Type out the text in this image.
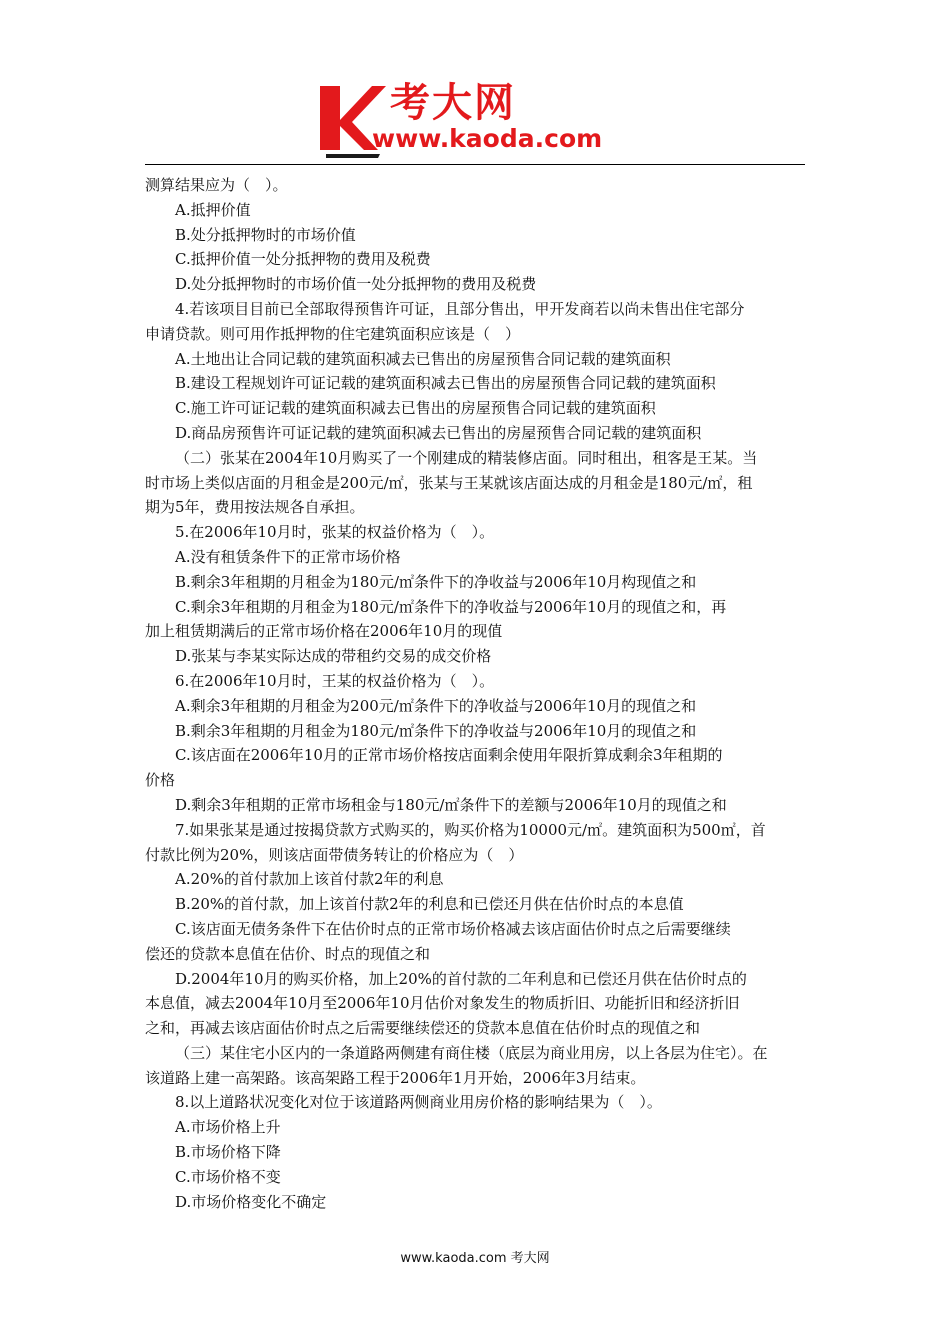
考大网
www.kaoda.com
测算结果应为（　）。
A.抵押价值
B.处分抵押物时的市场价值
C.抵押价值一处分抵押物的费用及税费
D.处分抵押物时的市场价值一处分抵押物的费用及税费
4.若该项目目前已全部取得预售许可证，且部分售出，甲开发商若以尚未售出住宅部分
申请贷款。则可用作抵押物的住宅建筑面积应该是（　）
A.土地出让合同记载的建筑面积减去已售出的房屋预售合同记载的建筑面积
B.建设工程规划许可证记载的建筑面积减去已售出的房屋预售合同记载的建筑面积
C.施工许可证记载的建筑面积减去已售出的房屋预售合同记载的建筑面积
D.商品房预售许可证记载的建筑面积减去已售出的房屋预售合同记载的建筑面积
（二）张某在2004年10月购买了一个刚建成的精装修店面。同时租出，租客是王某。当
时市场上类似店面的月租金是200元/㎡，张某与王某就该店面达成的月租金是180元/㎡，租
期为5年，费用按法规各自承担。
5.在2006年10月时，张某的权益价格为（　）。
A.没有租赁条件下的正常市场价格
B.剩余3年租期的月租金为180元/㎡条件下的净收益与2006年10月构现值之和
C.剩余3年租期的月租金为180元/㎡条件下的净收益与2006年10月的现值之和，再
加上租赁期满后的正常市场价格在2006年10月的现值
D.张某与李某实际达成的带租约交易的成交价格
6.在2006年10月时，王某的权益价格为（　）。
A.剩余3年租期的月租金为200元/㎡条件下的净收益与2006年10月的现值之和
B.剩余3年租期的月租金为180元/㎡条件下的净收益与2006年10月的现值之和
C.该店面在2006年10月的正常市场价格按店面剩余使用年限折算成剩余3年租期的
价格
D.剩余3年租期的正常市场租金与180元/㎡条件下的差额与2006年10月的现值之和
7.如果张某是通过按揭贷款方式购买的，购买价格为10000元/㎡。建筑面积为500㎡，首
付款比例为20%，则该店面带债务转让的价格应为（　）
A.20%的首付款加上该首付款2年的利息
B.20%的首付款，加上该首付款2年的利息和已偿还月供在估价时点的本息值
C.该店面无债务条件下在估价时点的正常市场价格减去该店面估价时点之后需要继续
偿还的贷款本息值在估价、时点的现值之和
D.2004年10月的购买价格，加上20%的首付款的二年利息和已偿还月供在估价时点的
本息值，减去2004年10月至2006年10月估价对象发生的物质折旧、功能折旧和经济折旧
之和，再减去该店面估价时点之后需要继续偿还的贷款本息值在估价时点的现值之和
（三）某住宅小区内的一条道路两侧建有商住楼（底层为商业用房，以上各层为住宅）。在
该道路上建一高架路。该高架路工程于2006年1月开始，2006年3月结束。
8.以上道路状况变化对位于该道路两侧商业用房价格的影响结果为（　）。
A.市场价格上升
B.市场价格下降
C.市场价格不变
D.市场价格变化不确定
www.kaoda.com 考大网
